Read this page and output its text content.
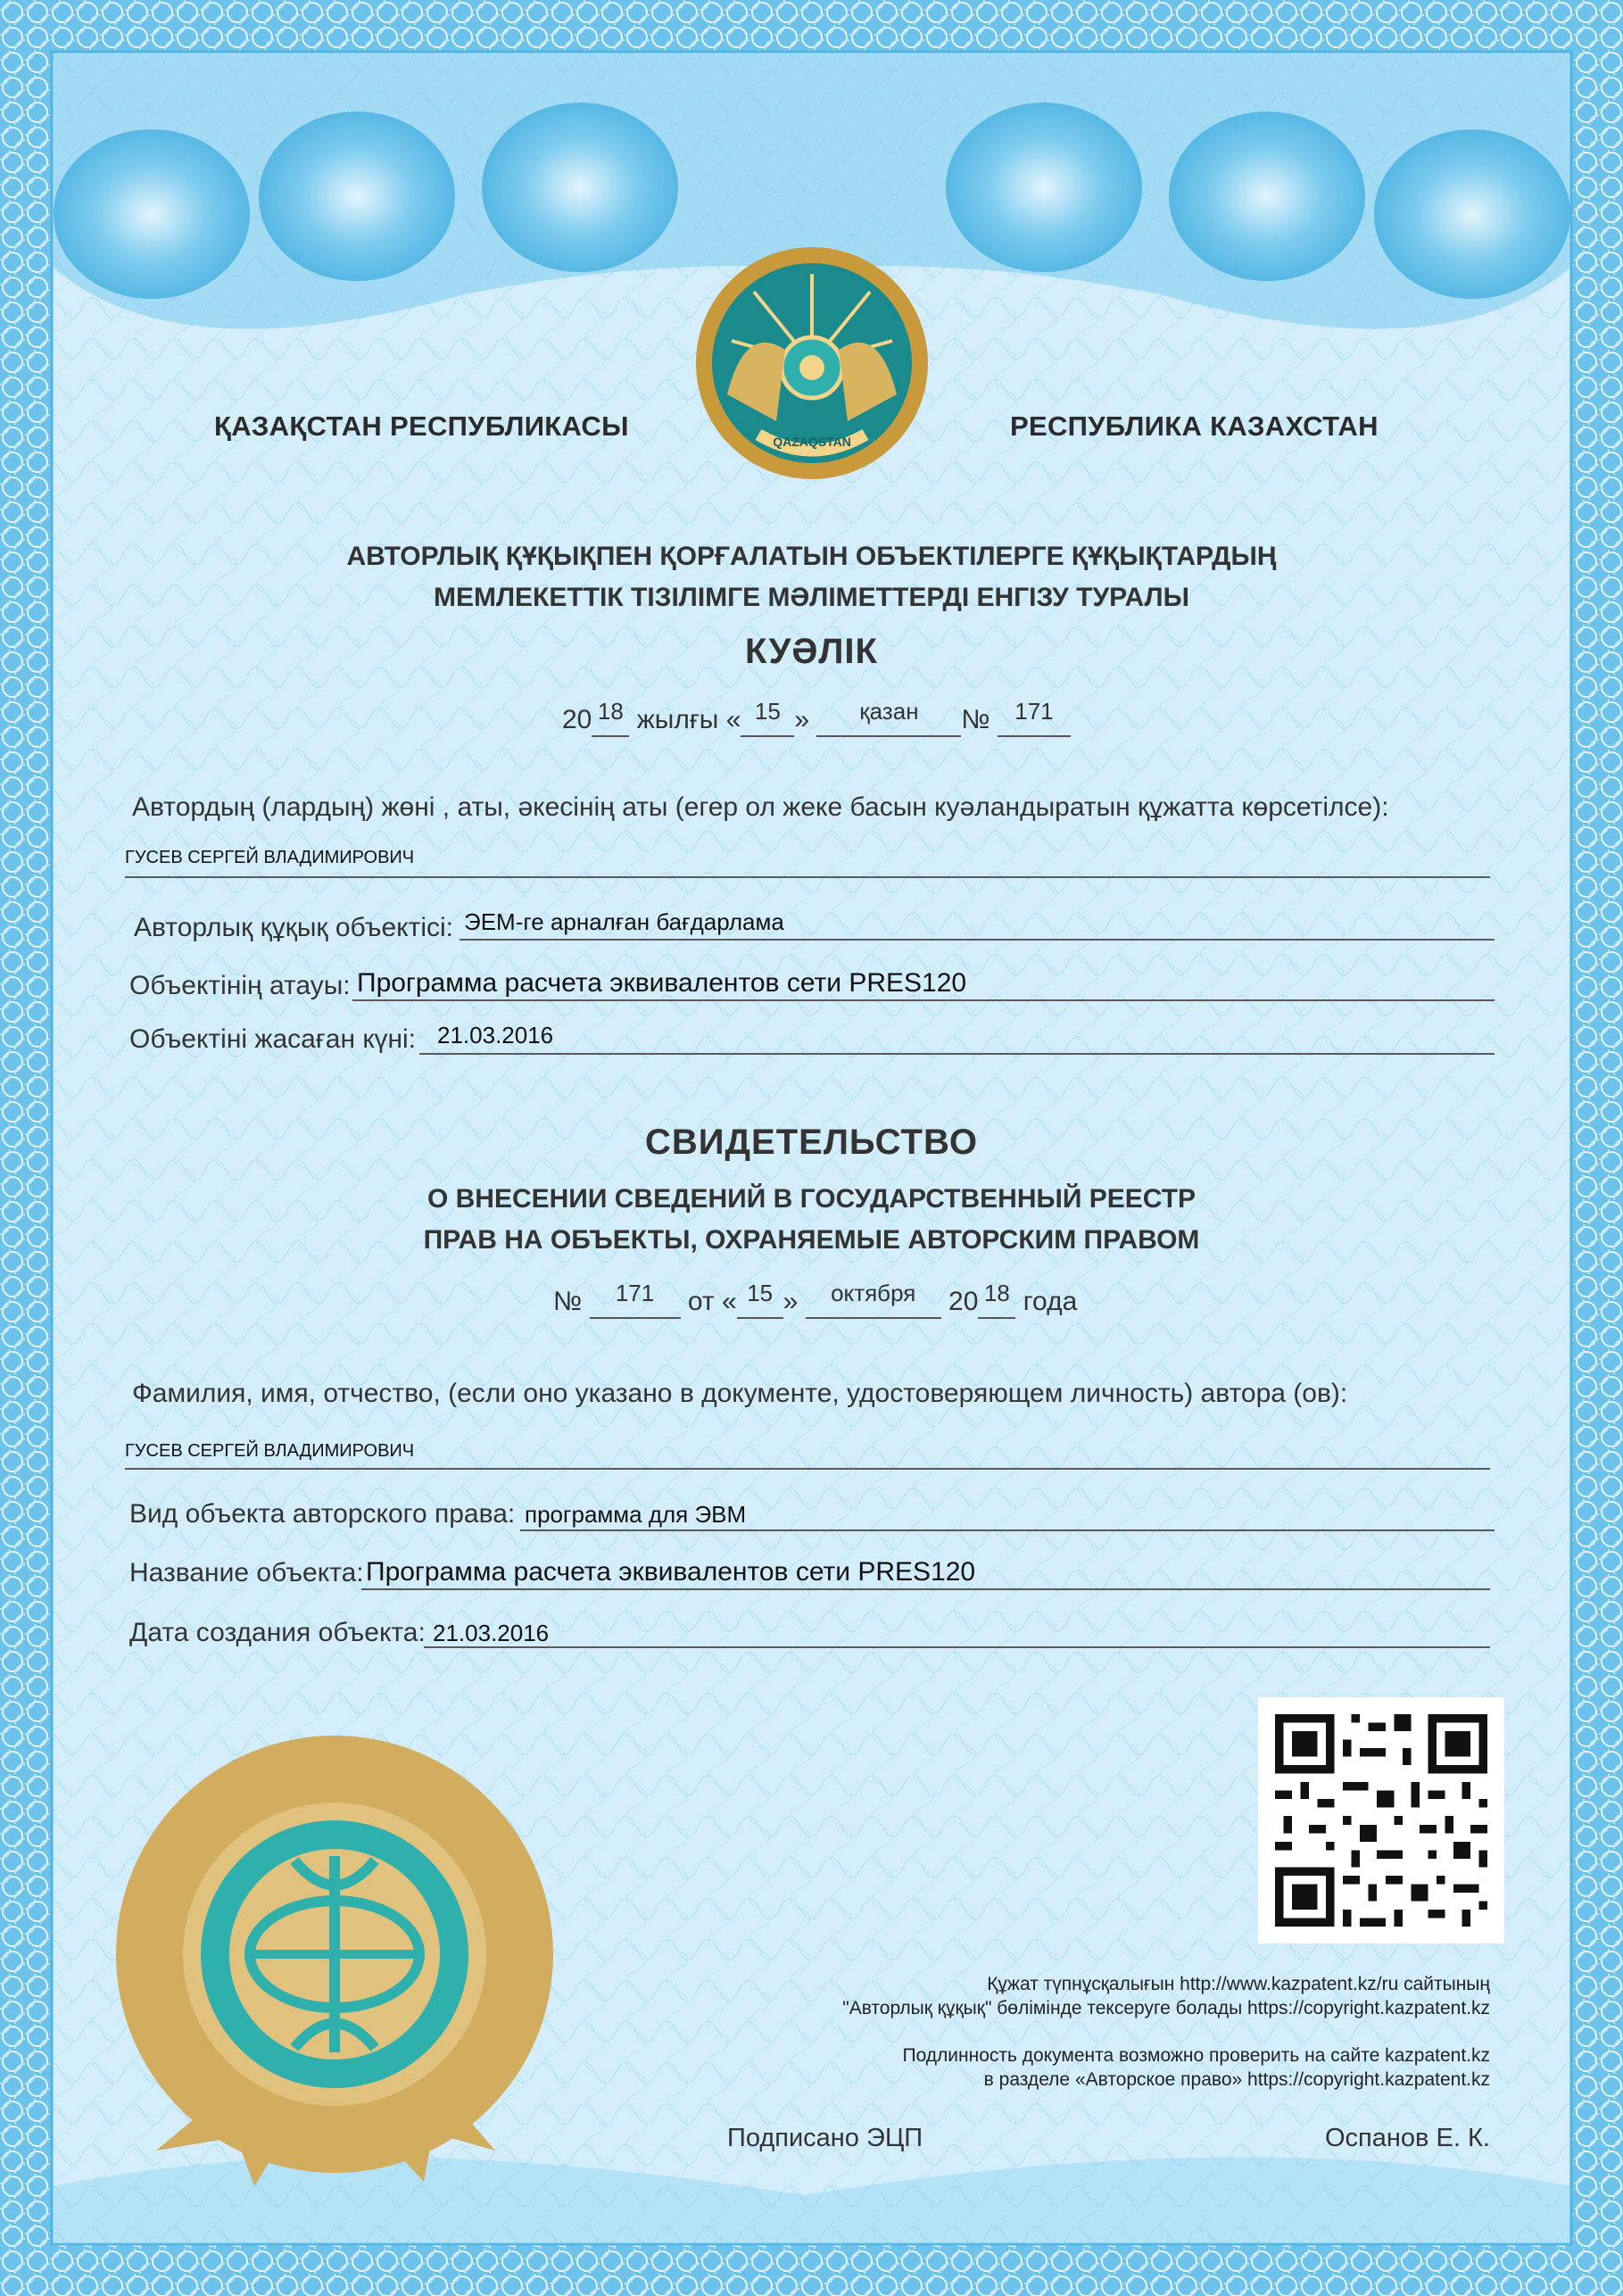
QAZAQSTAN
ҚАЗАҚСТАН РЕСПУБЛИКАСЫ	РЕСПУБЛИКА КАЗАХСТАН
АВТОРЛЫҚ ҚҰҚЫҚПЕН ҚОРҒАЛАТЫН ОБЪЕКТІЛЕРГЕ ҚҰҚЫҚТАРДЫҢ
МЕМЛЕКЕТТІК ТІЗІЛІМГЕ МӘЛІМЕТТЕРДІ ЕНГІЗУ ТУРАЛЫ
КУӘЛІК
20 18 жылғы « 15 » қазан № 171
Автордың (лардың) жөні , аты, әкесінің аты (егер ол жеке басын куәландыратын құжатта көрсетілсе):
ГУСЕВ СЕРГЕЙ ВЛАДИМИРОВИЧ
Авторлық құқық объектісі: ЭЕМ-ге арналған бағдарлама
Объектінің атауы: Программа расчета эквивалентов сети PRES120
Объектіні жасаған күні: 21.03.2016
СВИДЕТЕЛЬСТВО
О ВНЕСЕНИИ СВЕДЕНИЙ В ГОСУДАРСТВЕННЫЙ РЕЕСТР
ПРАВ НА ОБЪЕКТЫ, ОХРАНЯЕМЫЕ АВТОРСКИМ ПРАВОМ
№ 171 от « 15 » октября 20 18 года
Фамилия, имя, отчество, (если оно указано в документе, удостоверяющем личность) автора (ов):
ГУСЕВ СЕРГЕЙ ВЛАДИМИРОВИЧ
Вид объекта авторского права: программа для ЭВМ
Название объекта: Программа расчета эквивалентов сети PRES120
Дата создания объекта: 21.03.2016
Құжат түпнұсқалығын http://www.kazpatent.kz/ru сайтының
"Авторлық құқық" бөлімінде тексеруге болады https://copyright.kazpatent.kz
Подлинность документа возможно проверить на сайте kazpatent.kz
в разделе «Авторское право» https://copyright.kazpatent.kz
Подписано ЭЦП	Оспанов Е. К.
